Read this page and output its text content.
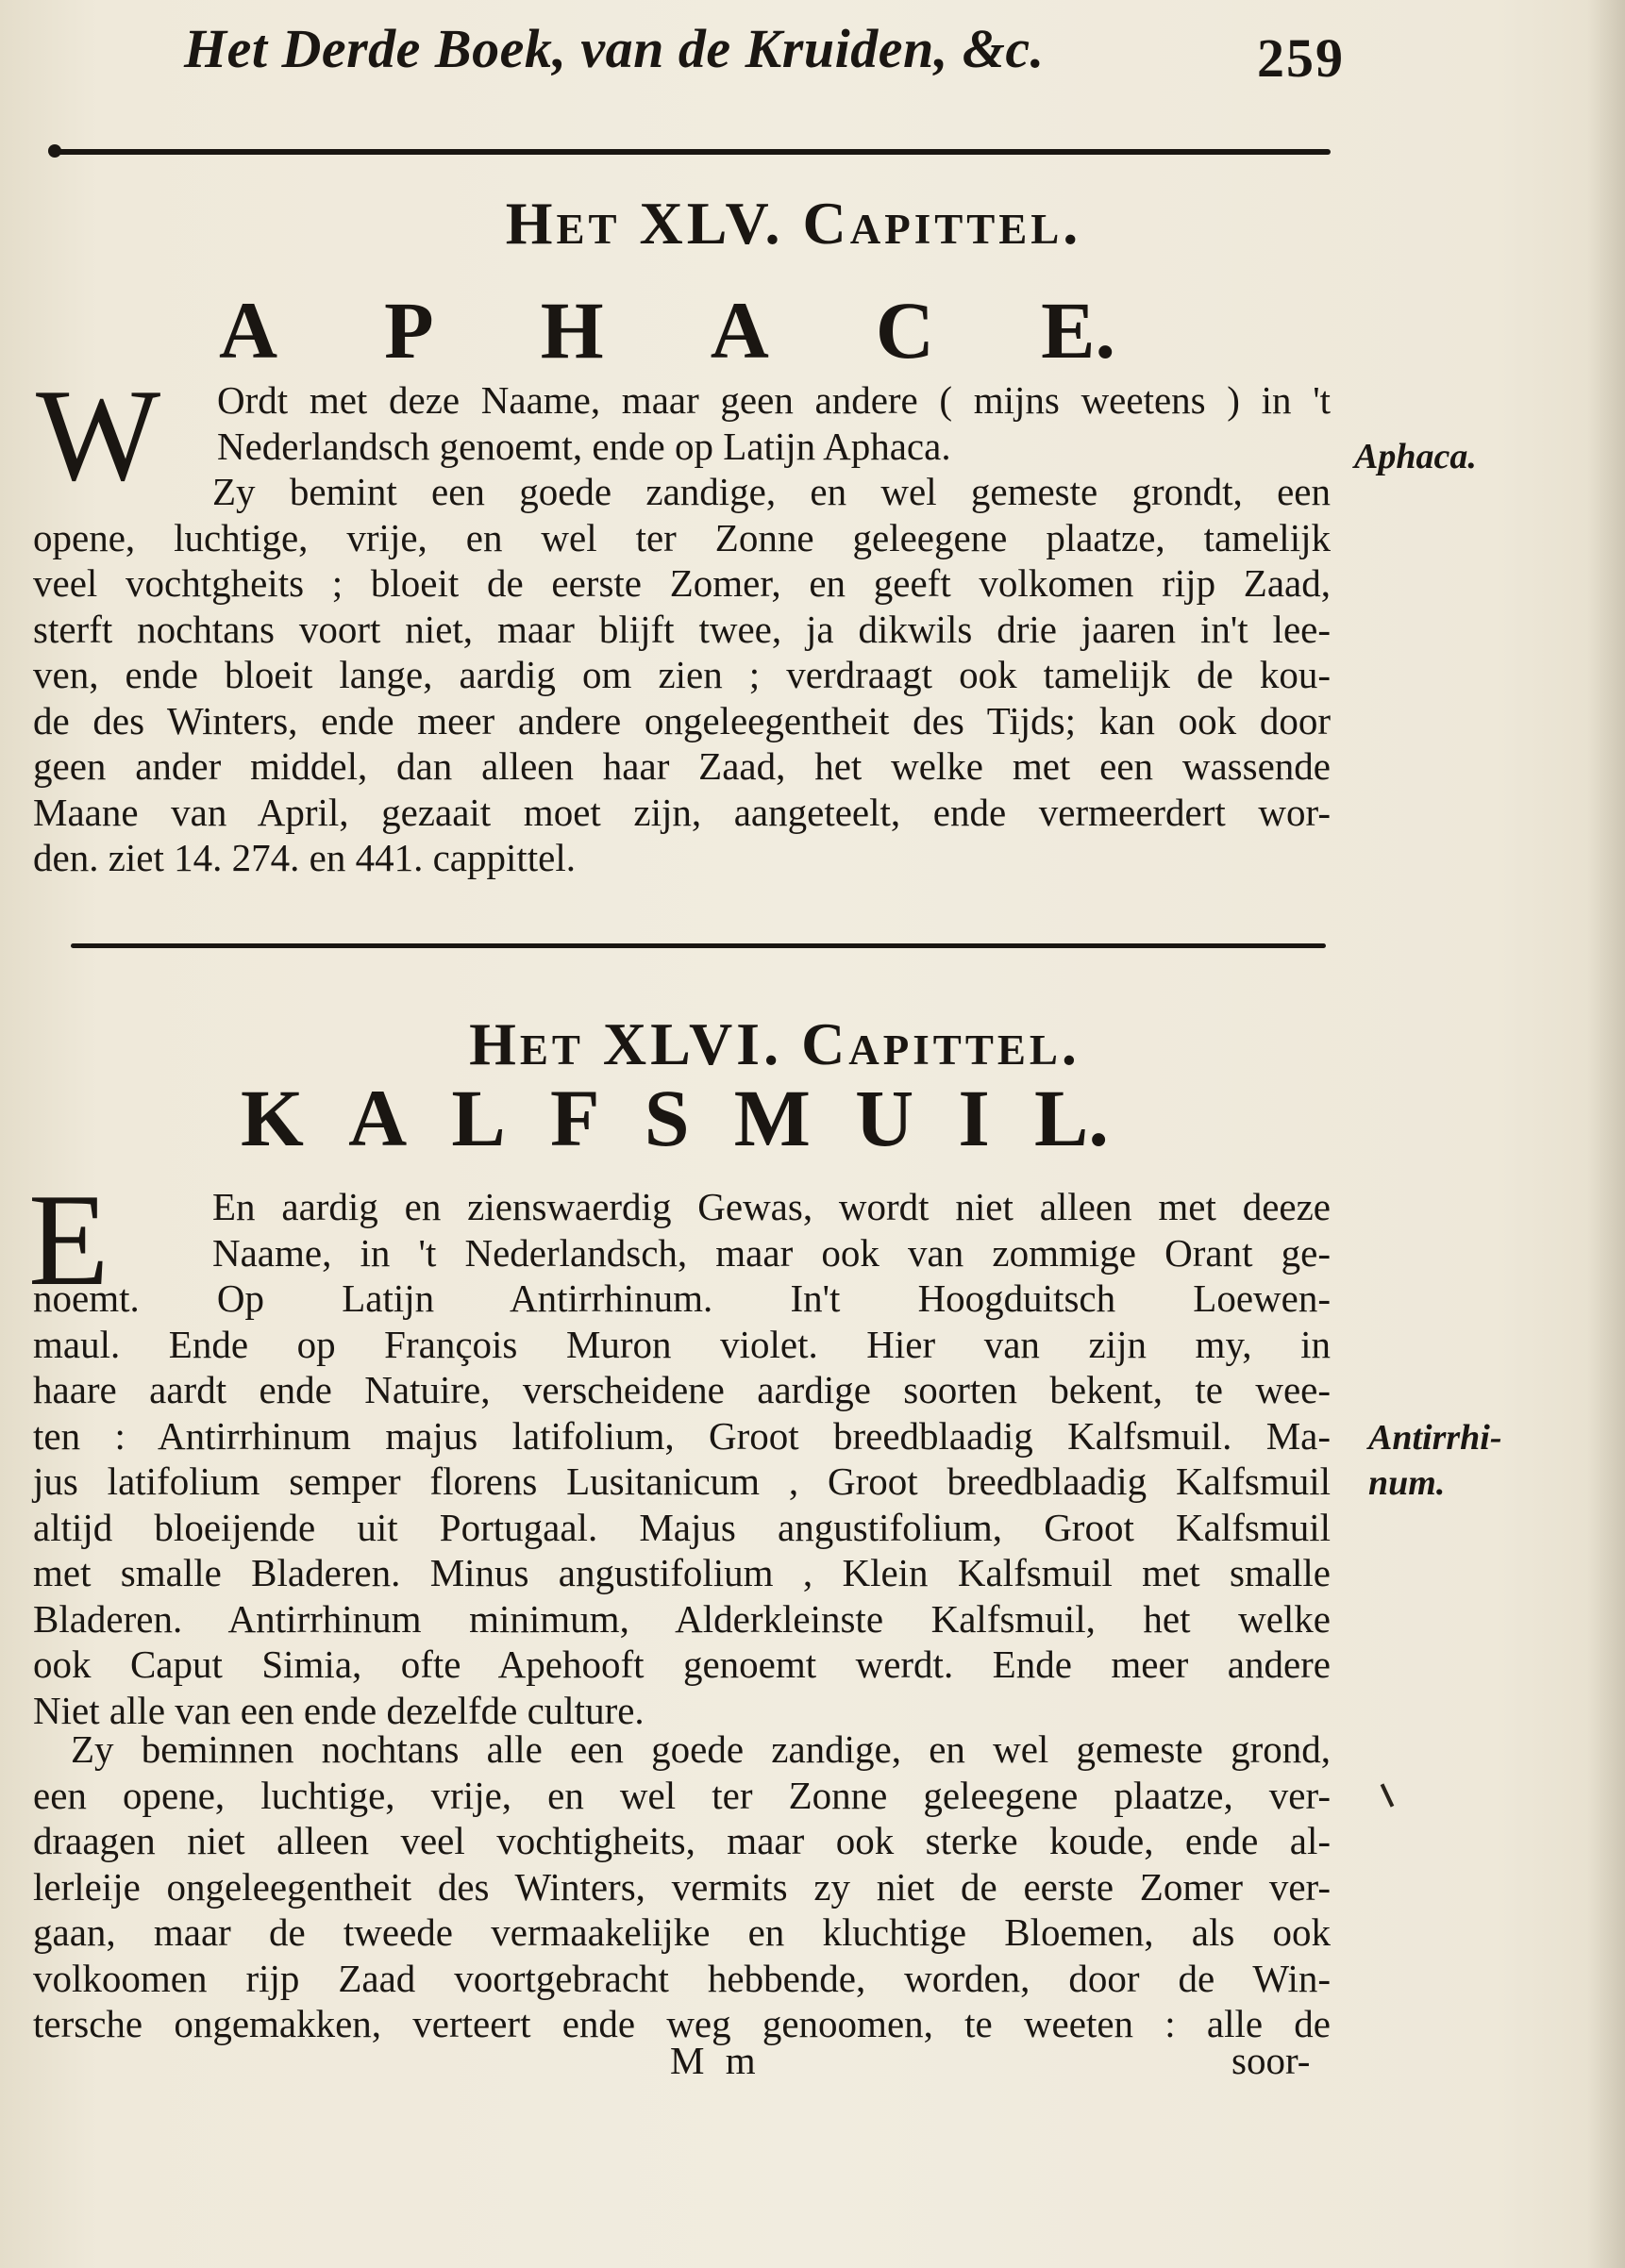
Het Derde Boek, van de Kruiden, &c.	259
Het XLV. Capittel.
A P H A C E.
W	Ordt met deze Naame, maar geen andere ( mijns weetens ) in 't
Nederlandsch genoemt, ende op Latijn Aphaca.
Zy bemint een goede zandige, en wel gemeste grondt, een
opene, luchtige, vrije, en wel ter Zonne geleegene plaatze, tamelijk
veel vochtgheits ; bloeit de eerste Zomer, en geeft volkomen rijp Zaad,
sterft nochtans voort niet, maar blijft twee, ja dikwils drie jaaren in't lee-
ven, ende bloeit lange, aardig om zien ; verdraagt ook tamelijk de kou-
de des Winters, ende meer andere ongeleegentheit des Tijds; kan ook door
geen ander middel, dan alleen haar Zaad, het welke met een wassende
Maane van April, gezaait moet zijn, aangeteelt, ende vermeerdert wor-
den. ziet 14. 274. en 441. cappittel.
Aphaca.
Het XLVI. Capittel.
K A L F S M U I L.
E	En aardig en zienswaerdig Gewas, wordt niet alleen met deeze
Naame, in 't Nederlandsch, maar ook van zommige Orant ge-
noemt. Op Latijn Antirrhinum. In't Hoogduitsch Loewen-
maul. Ende op François Muron violet. Hier van zijn my, in
haare aardt ende Natuire, verscheidene aardige soorten bekent, te wee-
ten : Antirrhinum majus latifolium, Groot breedblaadig Kalfsmuil. Ma-
jus latifolium semper florens Lusitanicum , Groot breedblaadig Kalfsmuil
altijd bloeijende uit Portugaal. Majus angustifolium, Groot Kalfsmuil
met smalle Bladeren. Minus angustifolium , Klein Kalfsmuil met smalle
Bladeren. Antirrhinum minimum, Alderkleinste Kalfsmuil, het welke
ook Caput Simia, ofte Apehooft genoemt werdt. Ende meer andere
Niet alle van een ende dezelfde culture.
Zy beminnen nochtans alle een goede zandige, en wel gemeste grond,
een opene, luchtige, vrije, en wel ter Zonne geleegene plaatze, ver-
draagen niet alleen veel vochtigheits, maar ook sterke koude, ende al-
lerleije ongeleegentheit des Winters, vermits zy niet de eerste Zomer ver-
gaan, maar de tweede vermaakelijke en kluchtige Bloemen, als ook
volkoomen rijp Zaad voortgebracht hebbende, worden, door de Win-
tersche ongemakken, verteert ende weg genoomen, te weeten : alle de
Antirrhi-
num.
M m	soor-
